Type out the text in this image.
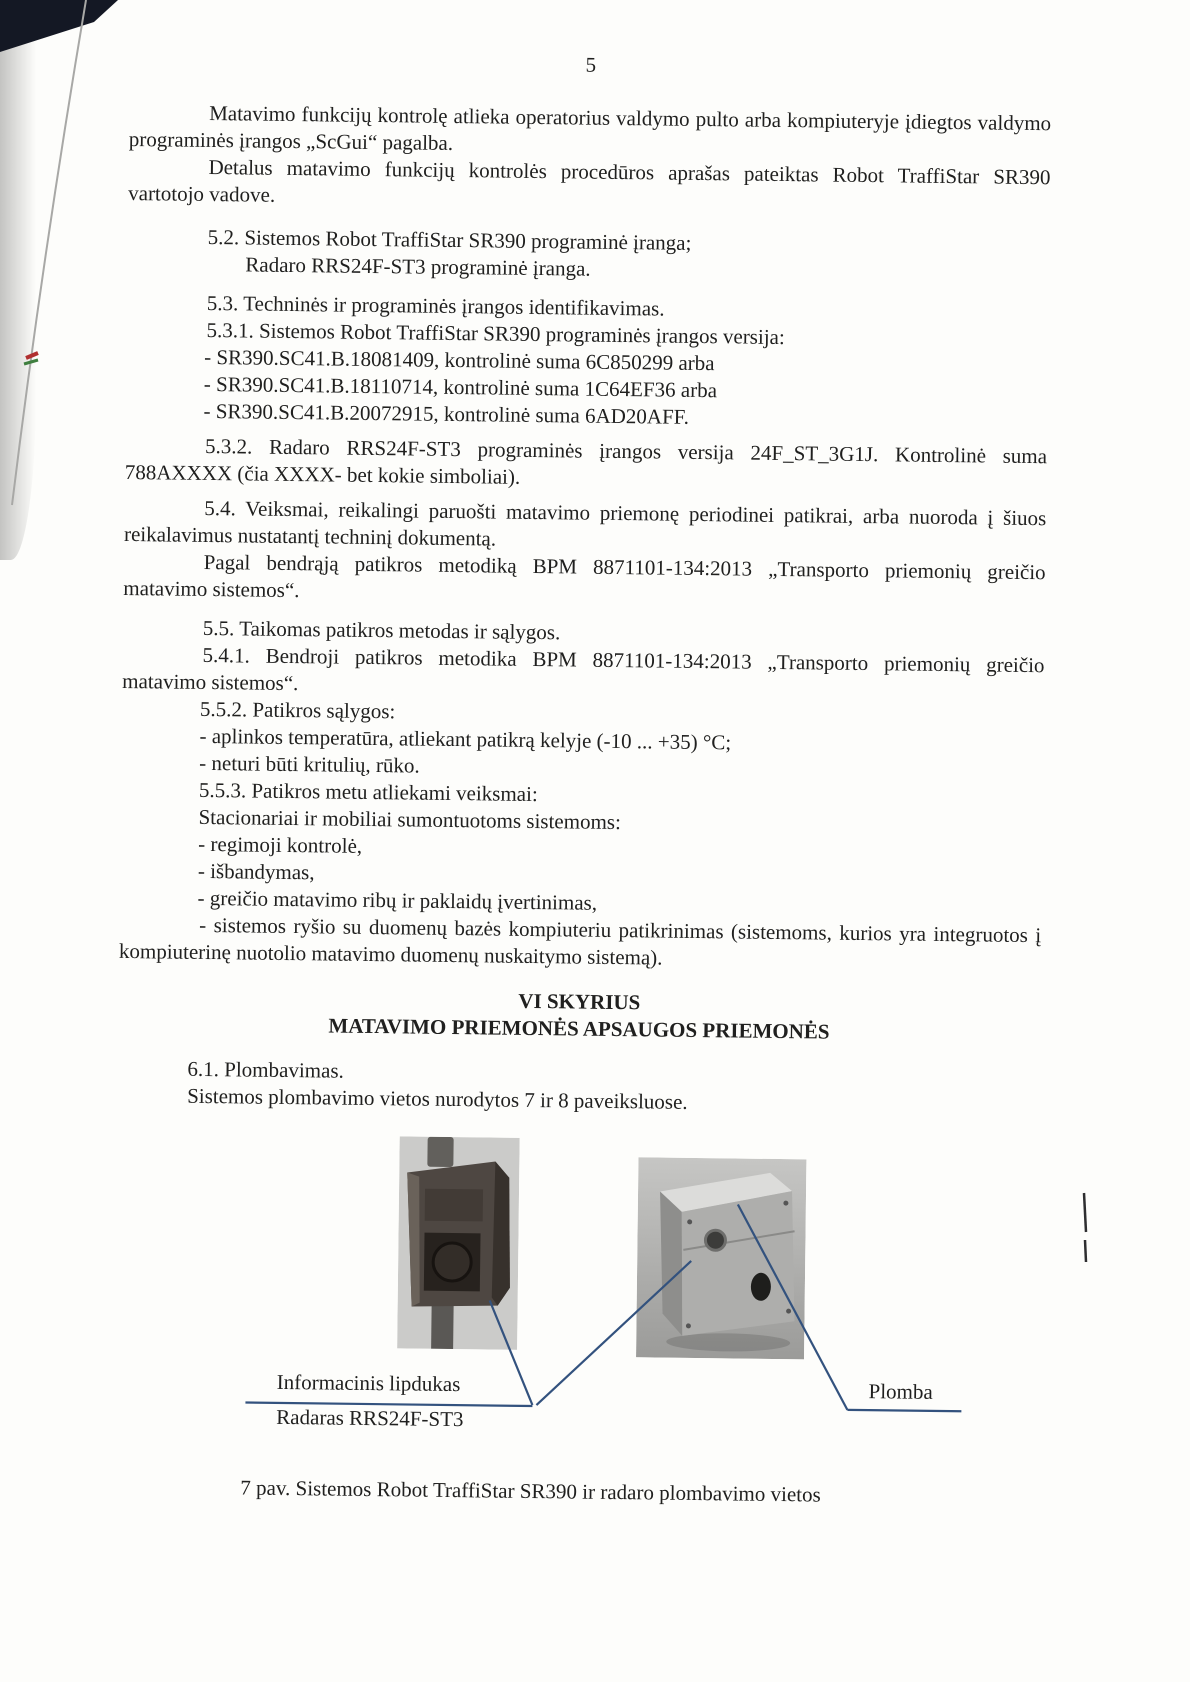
5

Matavimo funkcijų kontrolę atlieka operatorius valdymo pulto arba kompiuteryje įdiegtos valdymo programinės įrangos „ScGui“ pagalba.

Detalus matavimo funkcijų kontrolės procedūros aprašas pateiktas Robot TraffiStar SR390 vartotojo vadove.

5.2. Sistemos Robot TraffiStar SR390 programinė įranga;

Radaro RRS24F-ST3 programinė įranga.

5.3. Techninės ir programinės įrangos identifikavimas.

5.3.1. Sistemos Robot TraffiStar SR390 programinės įrangos versija:

- SR390.SC41.B.18081409, kontrolinė suma 6C850299 arba

- SR390.SC41.B.18110714, kontrolinė suma 1C64EF36 arba

- SR390.SC41.B.20072915, kontrolinė suma 6AD20AFF.

5.3.2. Radaro RRS24F-ST3 programinės įrangos versija 24F_ST_3G1J. Kontrolinė suma 788AXXXX (čia XXXX- bet kokie simboliai).

5.4. Veiksmai, reikalingi paruošti matavimo priemonę periodinei patikrai, arba nuoroda į šiuos reikalavimus nustatantį techninį dokumentą.

Pagal bendrąją patikros metodiką BPM 8871101-134:2013 „Transporto priemonių greičio matavimo sistemos“.

5.5. Taikomas patikros metodas ir sąlygos.

5.4.1. Bendroji patikros metodika BPM 8871101-134:2013 „Transporto priemonių greičio matavimo sistemos“.

5.5.2. Patikros sąlygos:

- aplinkos temperatūra, atliekant patikrą kelyje (-10 ... +35) °C;

- neturi būti kritulių, rūko.

5.5.3. Patikros metu atliekami veiksmai:

Stacionariai ir mobiliai sumontuotoms sistemoms:

- regimoji kontrolė,

- išbandymas,

- greičio matavimo ribų ir paklaidų įvertinimas,

- sistemos ryšio su duomenų bazės kompiuteriu patikrinimas (sistemoms, kurios yra integruotos į kompiuterinę nuotolio matavimo duomenų nuskaitymo sistemą).

VI SKYRIUS

MATAVIMO PRIEMONĖS APSAUGOS PRIEMONĖS

6.1. Plombavimas.

Sistemos plombavimo vietos nurodytos 7 ir 8 paveiksluose.

Informacinis lipdukas
Radaras RRS24F-ST3
Plomba

7 pav. Sistemos Robot TraffiStar SR390 ir radaro plombavimo vietos
